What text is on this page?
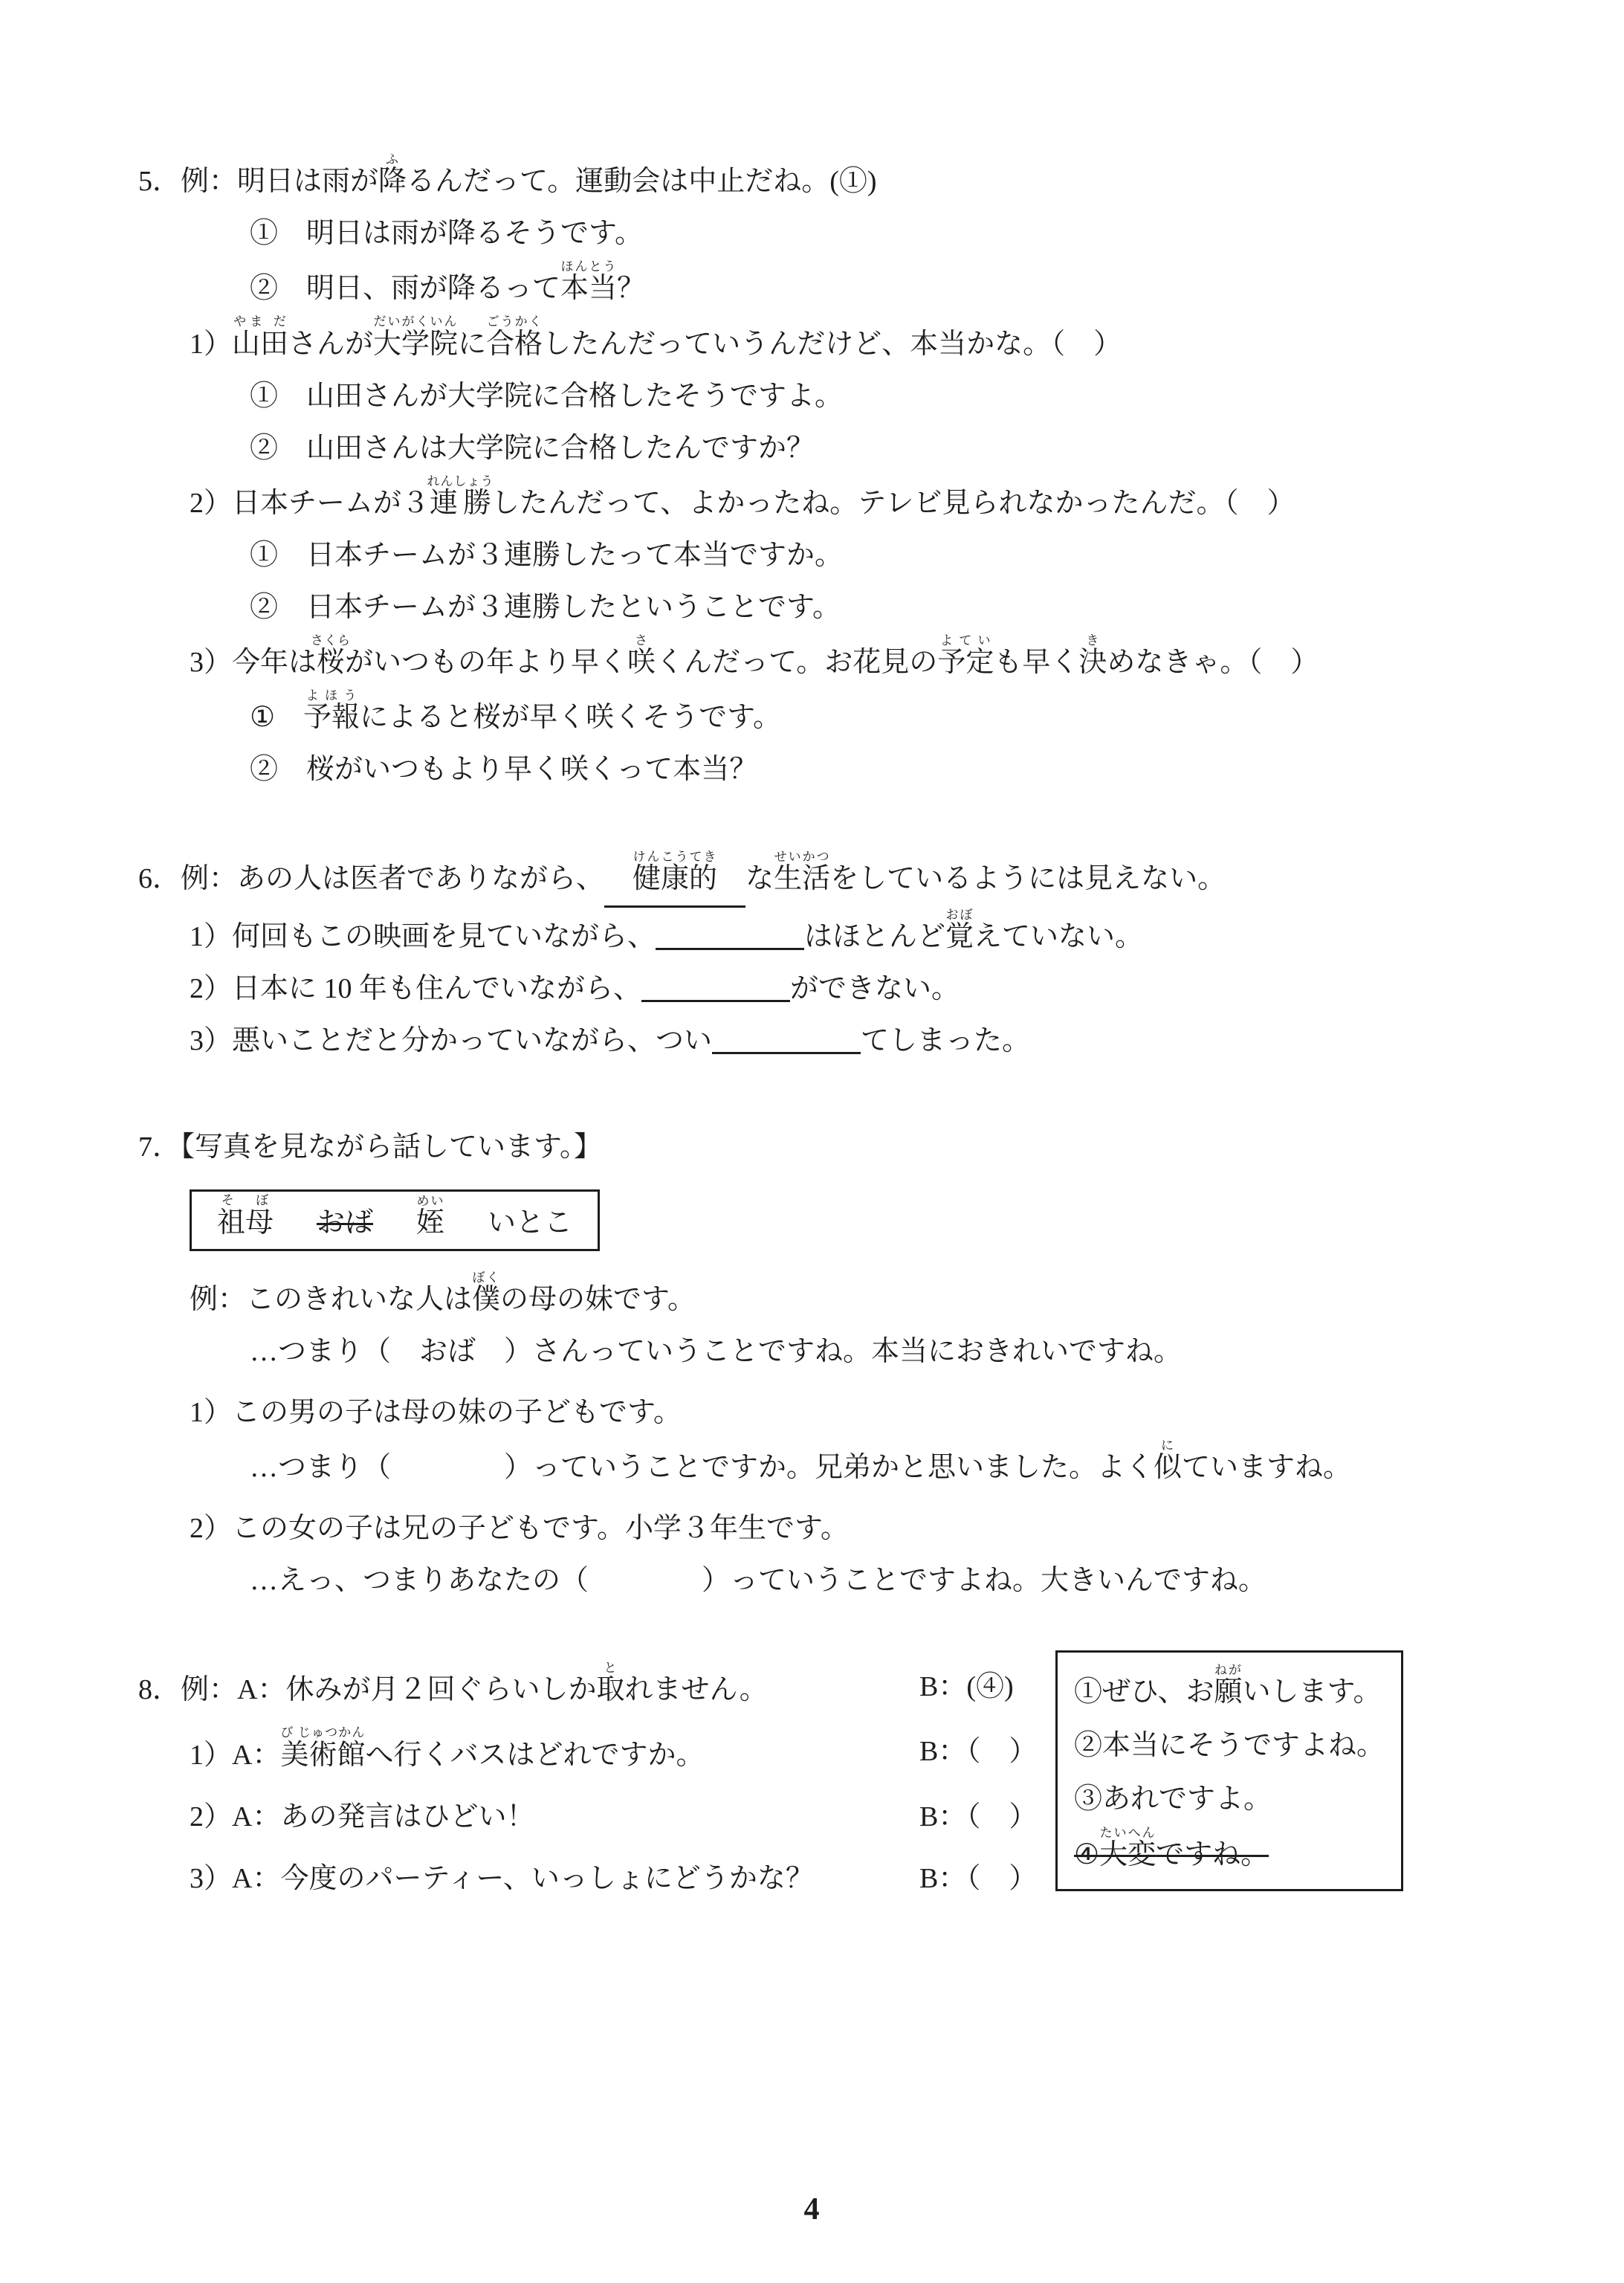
5．例：明日は雨が降ふるんだって。運動会は中止だね。(①)
①　明日は雨が降るそうです。
②　明日、雨が降るって本当ほんとう？
1）山田やま ださんが大学院だいがくいんに合格ごうかくしたんだっていうんだけど、本当かな。（　）
①　山田さんが大学院に合格したそうですよ。
②　山田さんは大学院に合格したんですか？
2）日本チームが３連勝れんしょうしたんだって、よかったね。テレビ見られなかったんだ。（　）
①　日本チームが３連勝したって本当ですか。
②　日本チームが３連勝したということです。
3）今年は桜さくらがいつもの年より早く咲さくんだって。お花見の予定よていも早く決きめなきゃ。（　）
①　予報よほうによると桜が早く咲くそうです。
②　桜がいつもより早く咲くって本当？
6．例：あの人は医者でありながら、　 健康的けんこうてき　な生活せいかつをしているようには見えない。
1）何回もこの映画を見ていながら、	はほとんど覚おぼえていない。
2）日本に 10 年も住んでいながら、	ができない。
3）悪いことだと分かっていながら、つい	てしまった。
7．【写真を見ながら話しています。】
祖母そ ぼ
おば 姪めい
いとこ
例：このきれいな人は僕ぼくの母の妹です。
…つまり（　おば　）さんっていうことですね。本当におきれいですね。
1）この男の子は母の妹の子どもです。
…つまり（　　　　）っていうことですか。兄弟かと思いました。よく似にていますね。
2）この女の子は兄の子どもです。小学３年生です。
…えっ、つまりあなたの（　　　　）っていうことですよね。大きいんですね。
①ぜひ、お願ねがいします。
②本当にそうですよね。
③あれですよ。
④大変たいへんですね。
8．例：A：休みが月２回ぐらいしか取とれません。	B：(④)
1）A：美術館び じゅつかんへ行くバスはどれですか。	B：（　）
2）A：あの発言はひどい！	B：（　）
3）A：今度のパーティー、いっしょにどうかな？	B：（　）
4
